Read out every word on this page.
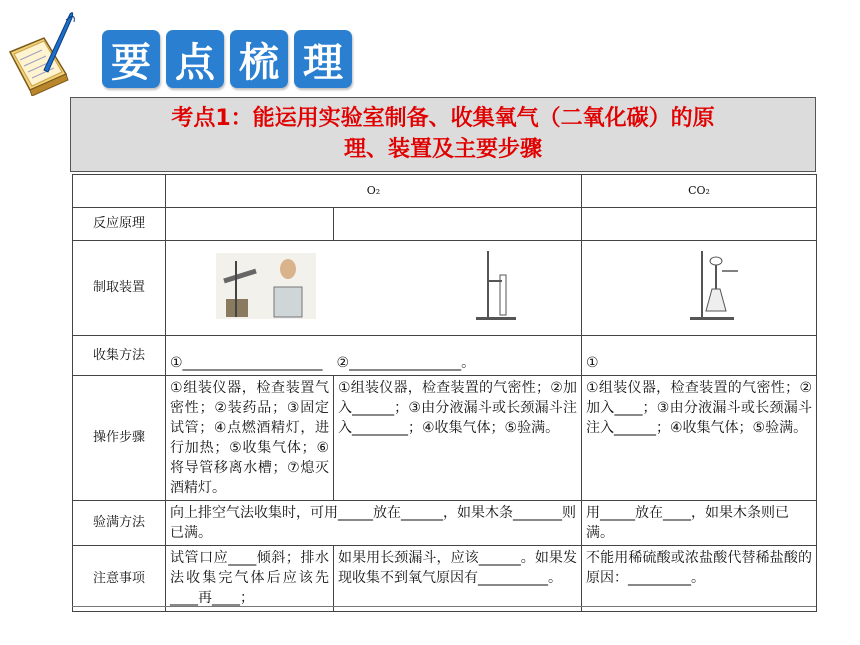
要 点 梳 理
考点1：能运用实验室制备、收集氧气（二氧化碳）的原
理、装置及主要步骤
	O₂		CO₂
反应原理			
制取装置	

收集方法	①____________________　②________________。		①
操作步骤	①组装仪器，检查装置气密性；②装药品；③固定试管；④点燃酒精灯，进行加热；⑤收集气体；⑥将导管移离水槽；⑦熄灭酒精灯。	①组装仪器，检查装置的气密性；②加入______；③由分液漏斗或长颈漏斗注入________；④收集气体；⑤验满。	①组装仪器，检查装置的气密性；②加入____；③由分液漏斗或长颈漏斗注入______；④收集气体；⑤验满。
验满方法	向上排空气法收集时，可用_____放在______，如果木条_______则已满。		用_____放在____，如果木条则已满。
注意事项	试管口应____倾斜；排水法收集完气体后应该先____再____；	如果用长颈漏斗，应该______。如果发现收集不到氧气原因有__________。	不能用稀硫酸或浓盐酸代替稀盐酸的原因：_________。
